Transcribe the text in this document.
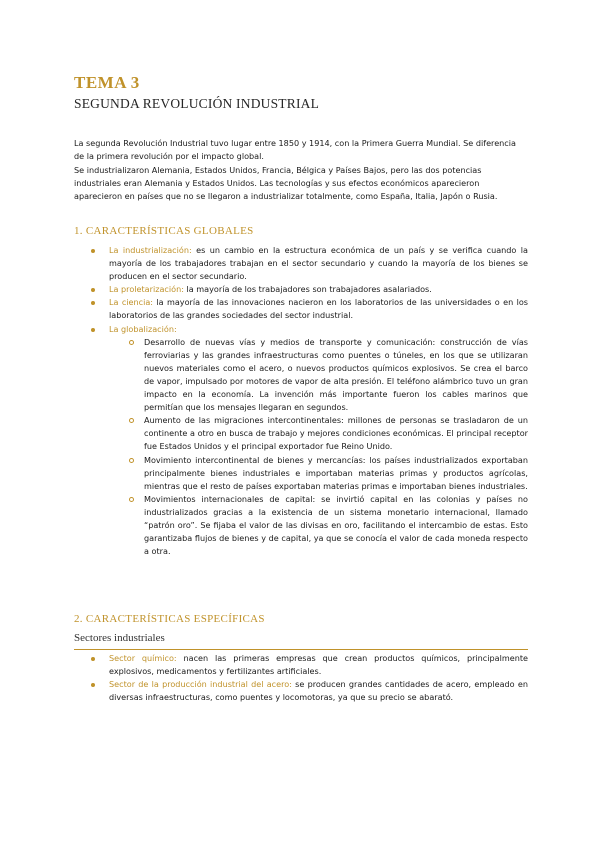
TEMA 3
SEGUNDA REVOLUCIÓN INDUSTRIAL

La segunda Revolución Industrial tuvo lugar entre 1850 y 1914, con la Primera Guerra Mundial. Se diferencia de la primera revolución por el impacto global.

Se industrializaron Alemania, Estados Unidos, Francia, Bélgica y Países Bajos, pero las dos potencias industriales eran Alemania y Estados Unidos. Las tecnologías y sus efectos económicos aparecieron aparecieron en países que no se llegaron a industrializar totalmente, como España, Italia, Japón o Rusia.

1. CARACTERÍSTICAS GLOBALES
La industrialización: es un cambio en la estructura económica de un país y se verifica cuando la mayoría de los trabajadores trabajan en el sector secundario y cuando la mayoría de los bienes se producen en el sector secundario.
La proletarización: la mayoría de los trabajadores son trabajadores asalariados.
La ciencia: la mayoría de las innovaciones nacieron en los laboratorios de las universidades o en los laboratorios de las grandes sociedades del sector industrial.
La globalización:
Desarrollo de nuevas vías y medios de transporte y comunicación: construcción de vías ferroviarias y las grandes infraestructuras como puentes o túneles, en los que se utilizaran nuevos materiales como el acero, o nuevos productos químicos explosivos. Se crea el barco de vapor, impulsado por motores de vapor de alta presión. El teléfono alámbrico tuvo un gran impacto en la economía. La invención más importante fueron los cables marinos que permitían que los mensajes llegaran en segundos.
Aumento de las migraciones intercontinentales: millones de personas se trasladaron de un continente a otro en busca de trabajo y mejores condiciones económicas. El principal receptor fue Estados Unidos y el principal exportador fue Reino Unido.
Movimiento intercontinental de bienes y mercancías: los países industrializados exportaban principalmente bienes industriales e importaban materias primas y productos agrícolas, mientras que el resto de países exportaban materias primas e importaban bienes industriales.
Movimientos internacionales de capital: se invirtió capital en las colonias y países no industrializados gracias a la existencia de un sistema monetario internacional, llamado “patrón oro”. Se fijaba el valor de las divisas en oro, facilitando el intercambio de estas. Esto garantizaba flujos de bienes y de capital, ya que se conocía el valor de cada moneda respecto a otra.
2. CARACTERÍSTICAS ESPECÍFICAS
Sectores industriales
Sector químico: nacen las primeras empresas que crean productos químicos, principalmente explosivos, medicamentos y fertilizantes artificiales.
Sector de la producción industrial del acero: se producen grandes cantidades de acero, empleado en diversas infraestructuras, como puentes y locomotoras, ya que su precio se abarató.
